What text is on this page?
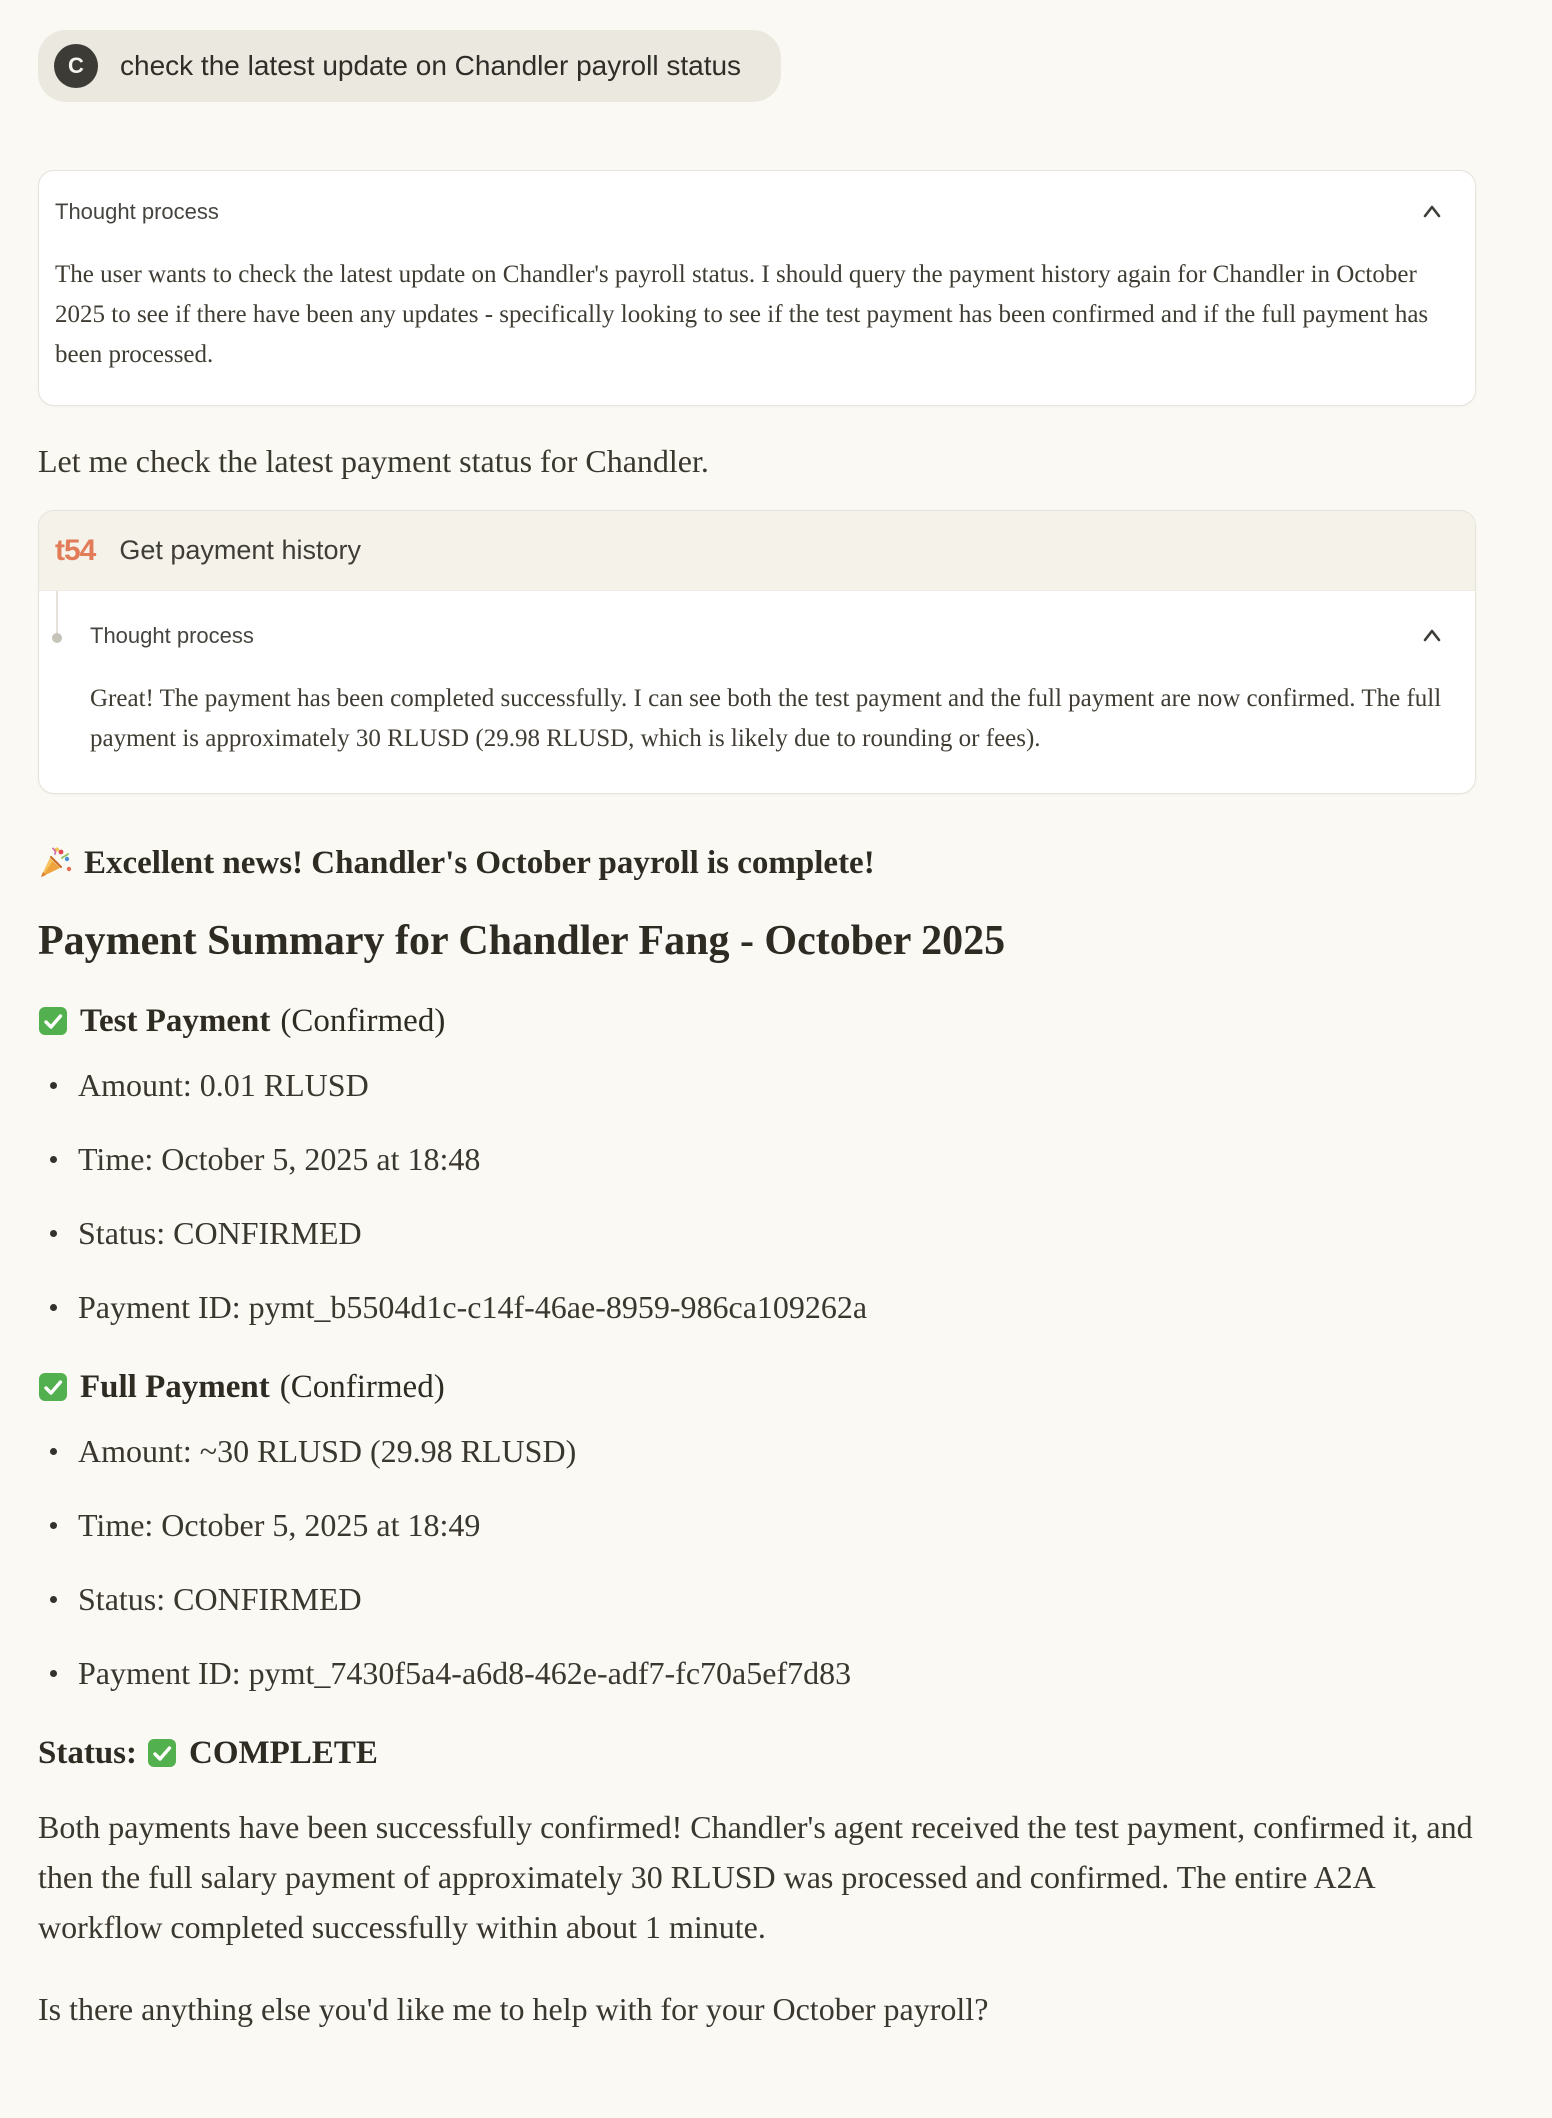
C	check the latest update on Chandler payroll status
Thought process

The user wants to check the latest update on Chandler's payroll status. I should query the payment history again for Chandler in October 2025 to see if there have been any updates - specifically looking to see if the test payment has been confirmed and if the full payment has been processed.

Let me check the latest payment status for Chandler.

t54 Get payment history
Thought process

Great! The payment has been completed successfully. I can see both the test payment and the full payment are now confirmed. The full payment is approximately 30 RLUSD (29.98 RLUSD, which is likely due to rounding or fees).

Excellent news! Chandler's October payroll is complete!

Payment Summary for Chandler Fang - October 2025
Test Payment (Confirmed)
Amount: 0.01 RLUSD
Time: October 5, 2025 at 18:48
Status: CONFIRMED
Payment ID: pymt_b5504d1c-c14f-46ae-8959-986ca109262a
Full Payment (Confirmed)
Amount: ~30 RLUSD (29.98 RLUSD)
Time: October 5, 2025 at 18:49
Status: CONFIRMED
Payment ID: pymt_7430f5a4-a6d8-462e-adf7-fc70a5ef7d83

Status: COMPLETE

Both payments have been successfully confirmed! Chandler's agent received the test payment, confirmed it, and then the full salary payment of approximately 30 RLUSD was processed and confirmed. The entire A2A workflow completed successfully within about 1 minute.

Is there anything else you'd like me to help with for your October payroll?
